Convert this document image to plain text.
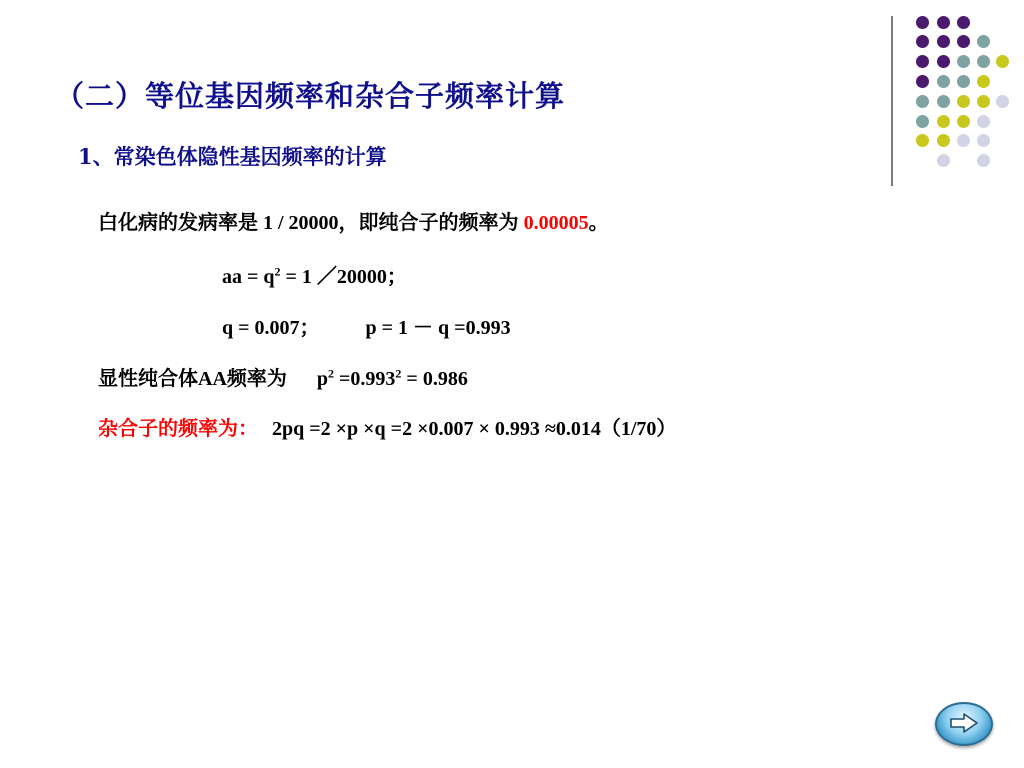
（二）等位基因频率和杂合子频率计算
1、常染色体隐性基因频率的计算
白化病的发病率是 1 / 20000，即纯合子的频率为 0.00005。
aa = $q^2 = 1$ ／20000；
q = 0.007； p = 1 － q =0.993
显性纯合体AA频率为 $p^2 =0.993^2 = 0.986$
杂合子的频率为： 2pq =2 ×p ×q =2 ×0.007 × 0.993 ≈0.014（1/70）
